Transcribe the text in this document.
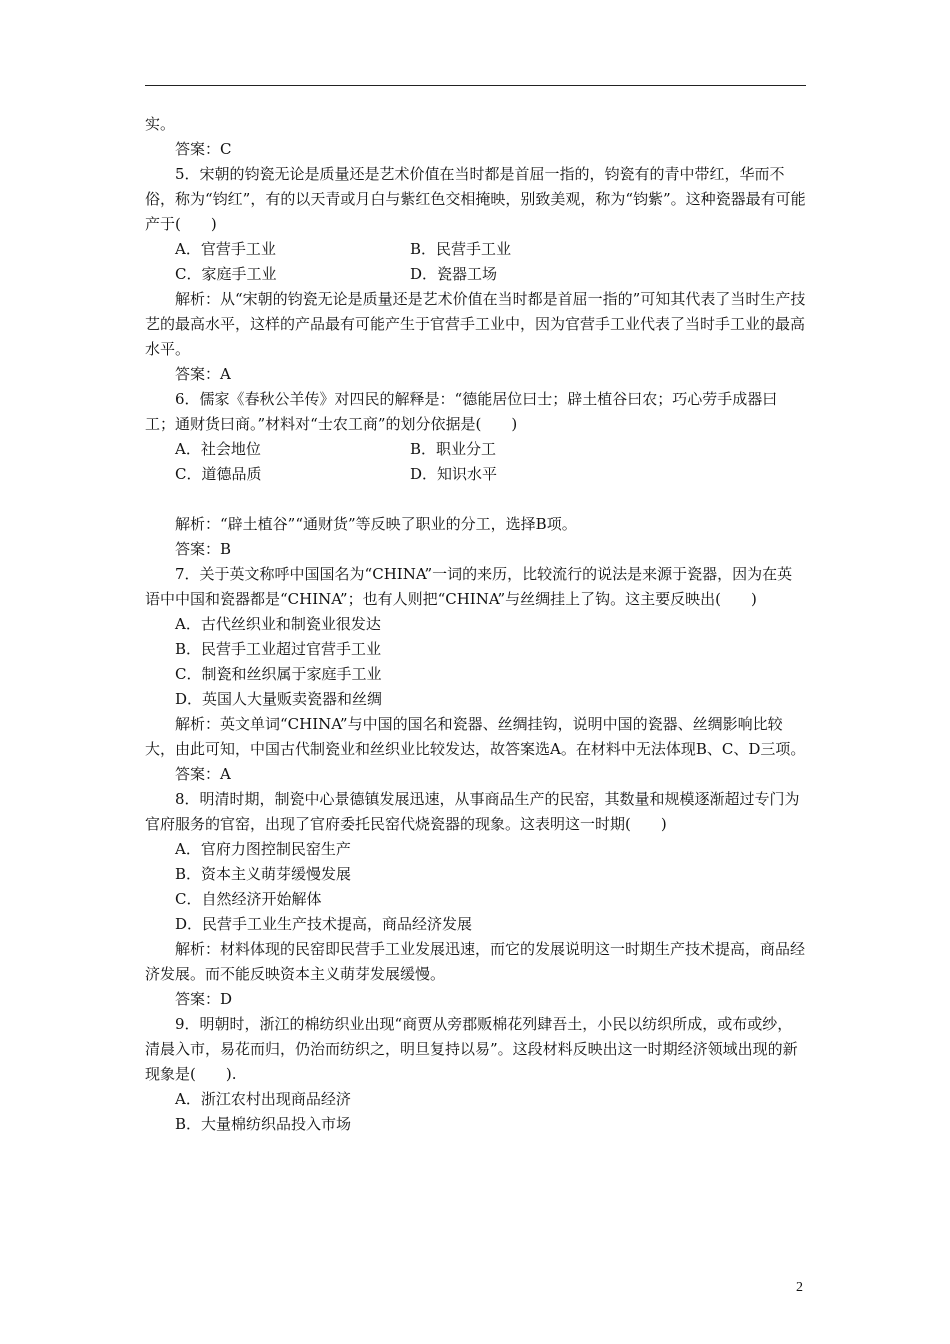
实。

答案：C

5．宋朝的钧瓷无论是质量还是艺术价值在当时都是首屈一指的，钧瓷有的青中带红，华而不俗，称为“钧红”，有的以天青或月白与紫红色交相掩映，别致美观，称为“钧紫”。这种瓷器最有可能产于(　　)

A．官营手工业	B．民营手工业
C．家庭手工业	D．瓷器工场

解析：从“宋朝的钧瓷无论是质量还是艺术价值在当时都是首屈一指的”可知其代表了当时生产技艺的最高水平，这样的产品最有可能产生于官营手工业中，因为官营手工业代表了当时手工业的最高水平。

答案：A

6．儒家《春秋公羊传》对四民的解释是：“德能居位曰士；辟土植谷曰农；巧心劳手成器曰工；通财货曰商。”材料对“士农工商”的划分依据是(　　)

A．社会地位	B．职业分工
C．道德品质	D．知识水平

解析：“辟土植谷”“通财货”等反映了职业的分工，选择B项。

答案：B

7．关于英文称呼中国国名为“CHINA”一词的来历，比较流行的说法是来源于瓷器，因为在英语中中国和瓷器都是“CHINA”；也有人则把“CHINA”与丝绸挂上了钩。这主要反映出(　　)

A．古代丝织业和制瓷业很发达

B．民营手工业超过官营手工业

C．制瓷和丝织属于家庭手工业

D．英国人大量贩卖瓷器和丝绸

解析：英文单词“CHINA”与中国的国名和瓷器、丝绸挂钩，说明中国的瓷器、丝绸影响比较大，由此可知，中国古代制瓷业和丝织业比较发达，故答案选A。在材料中无法体现B、C、D三项。

答案：A

8．明清时期，制瓷中心景德镇发展迅速，从事商品生产的民窑，其数量和规模逐渐超过专门为官府服务的官窑，出现了官府委托民窑代烧瓷器的现象。这表明这一时期(　　)

A．官府力图控制民窑生产

B．资本主义萌芽缓慢发展

C．自然经济开始解体

D．民营手工业生产技术提高，商品经济发展

解析：材料体现的民窑即民营手工业发展迅速，而它的发展说明这一时期生产技术提高，商品经济发展。而不能反映资本主义萌芽发展缓慢。

答案：D

9．明朝时，浙江的棉纺织业出现“商贾从旁郡贩棉花列肆吾土，小民以纺织所成，或布或纱，清晨入市，易花而归，仍治而纺织之，明旦复持以易”。这段材料反映出这一时期经济领域出现的新现象是(　　).

A．浙江农村出现商品经济

B．大量棉纺织品投入市场

2
